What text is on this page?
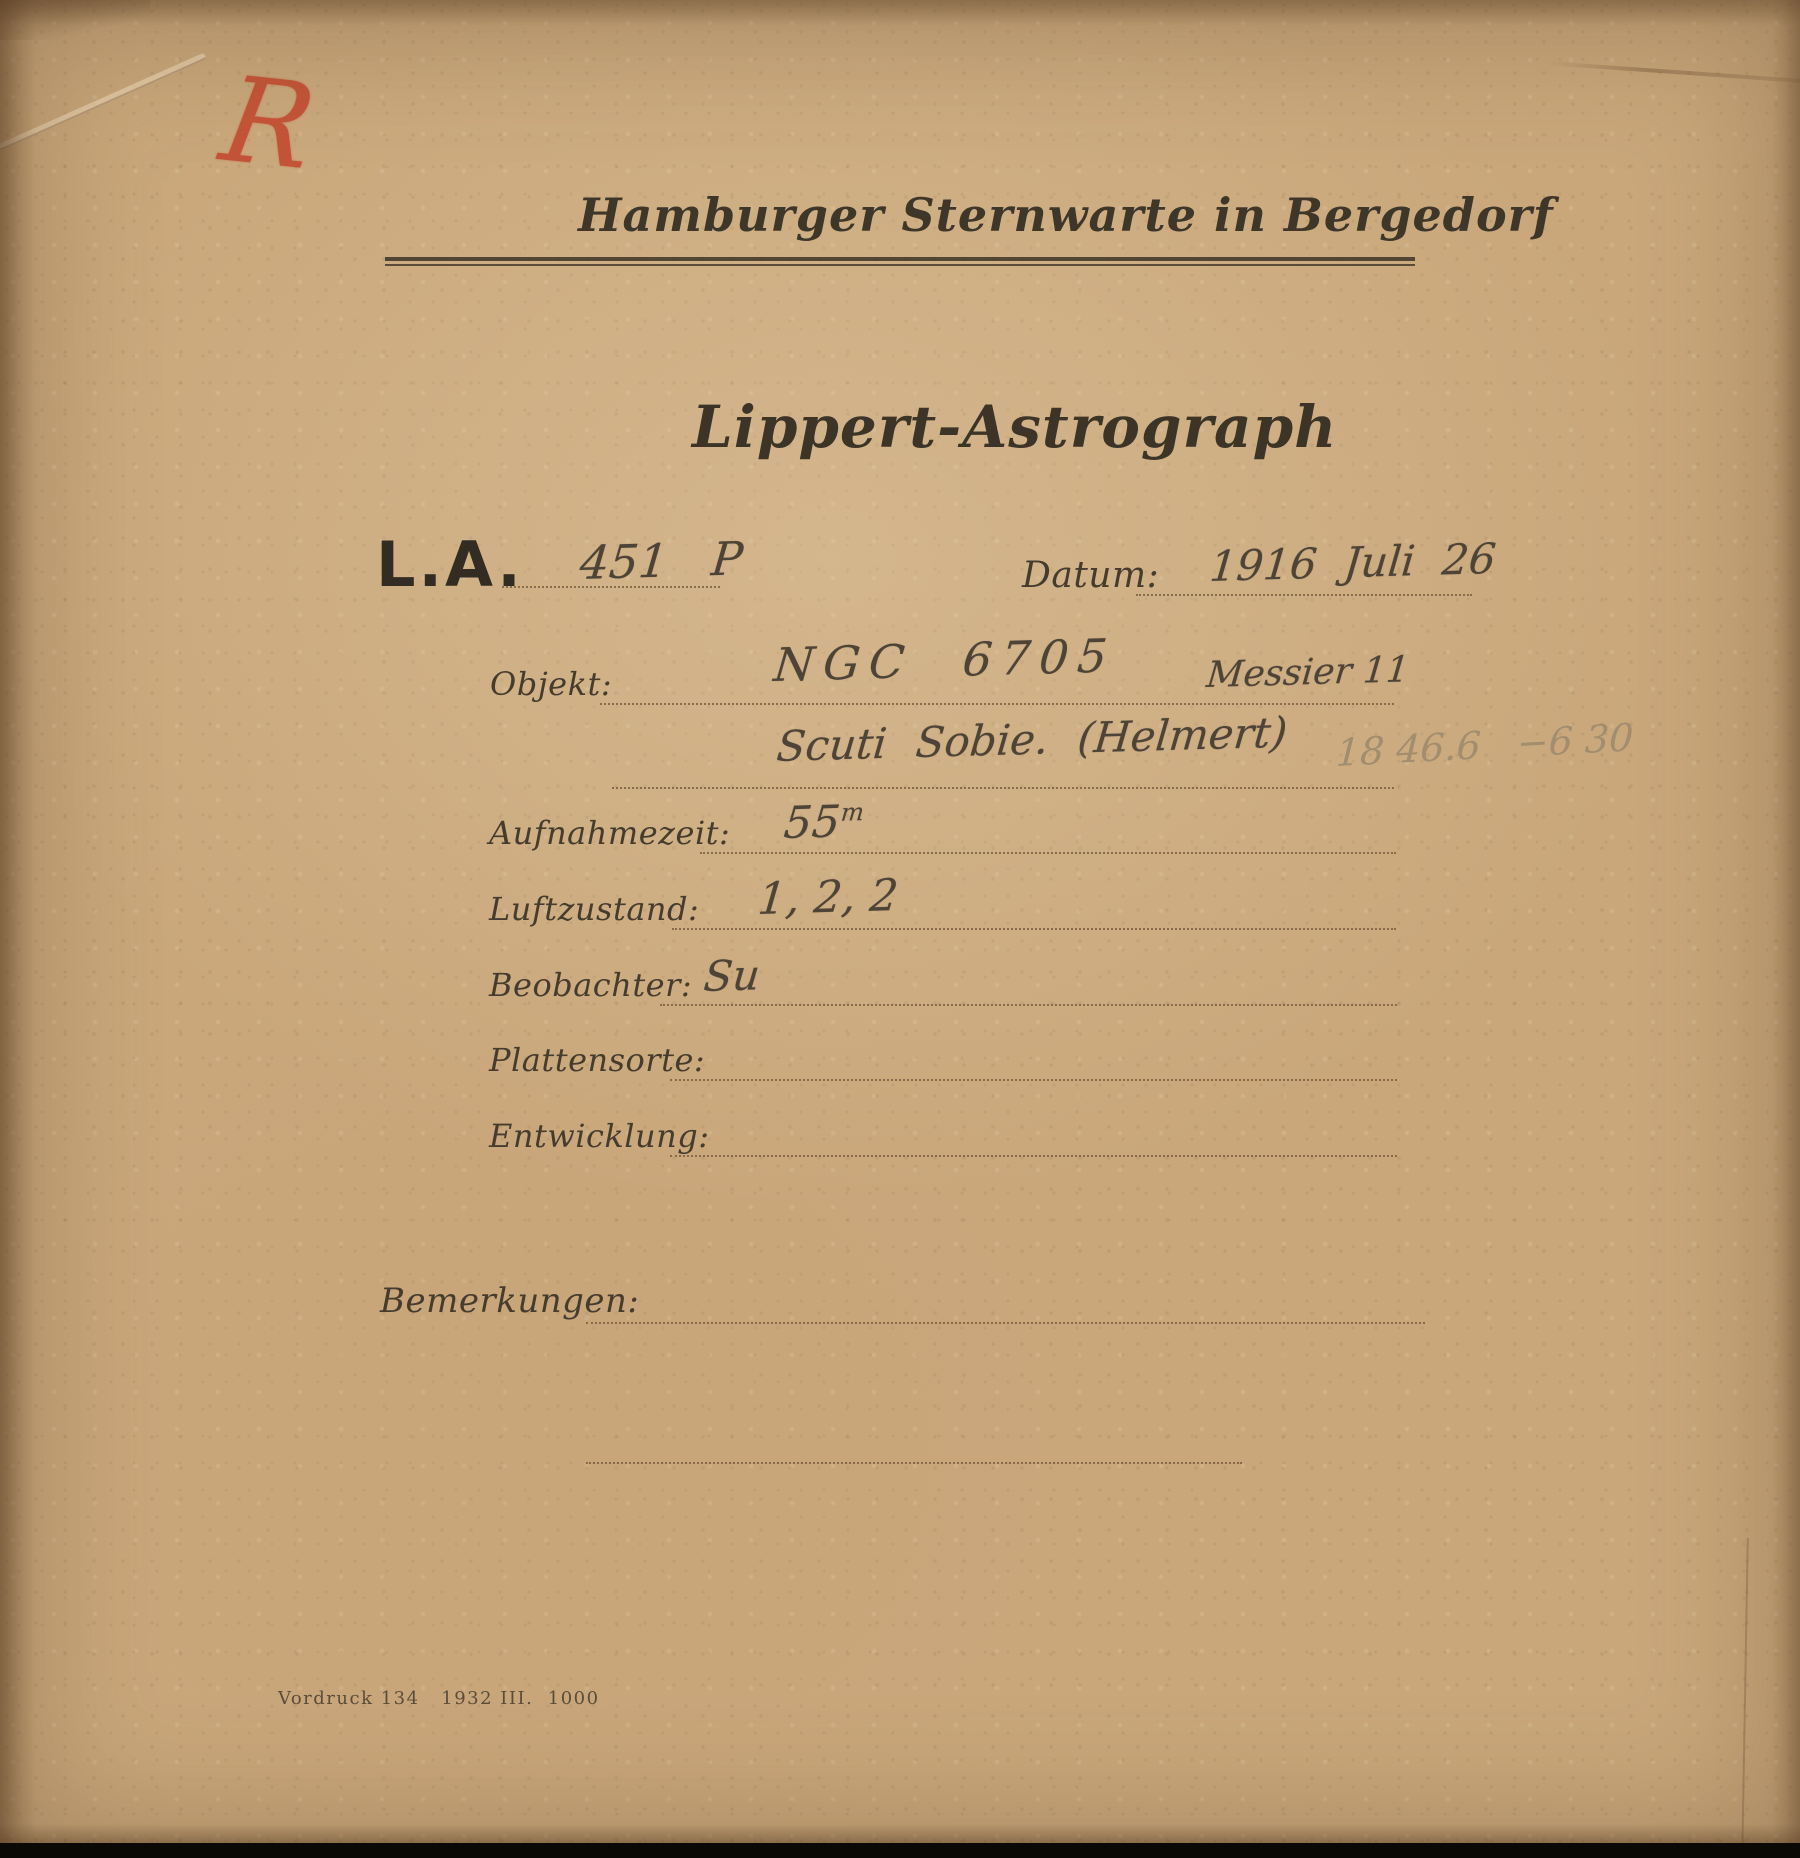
R
Hamburger Sternwarte in Bergedorf
Lippert-Astrograph
L.A. 451   P	Datum: 1916 Juli 26
Objekt:	NGC 6705 Messier 11
Scuti Sobie. (Helmert) 18 46.6   −6 30
Aufnahmezeit: 55$^m$
Luftzustand: 1, 2, 2
Beobachter: Su
Plattensorte:
Entwicklung:
Bemerkungen:
Vordruck 134   1932 III.  1000
